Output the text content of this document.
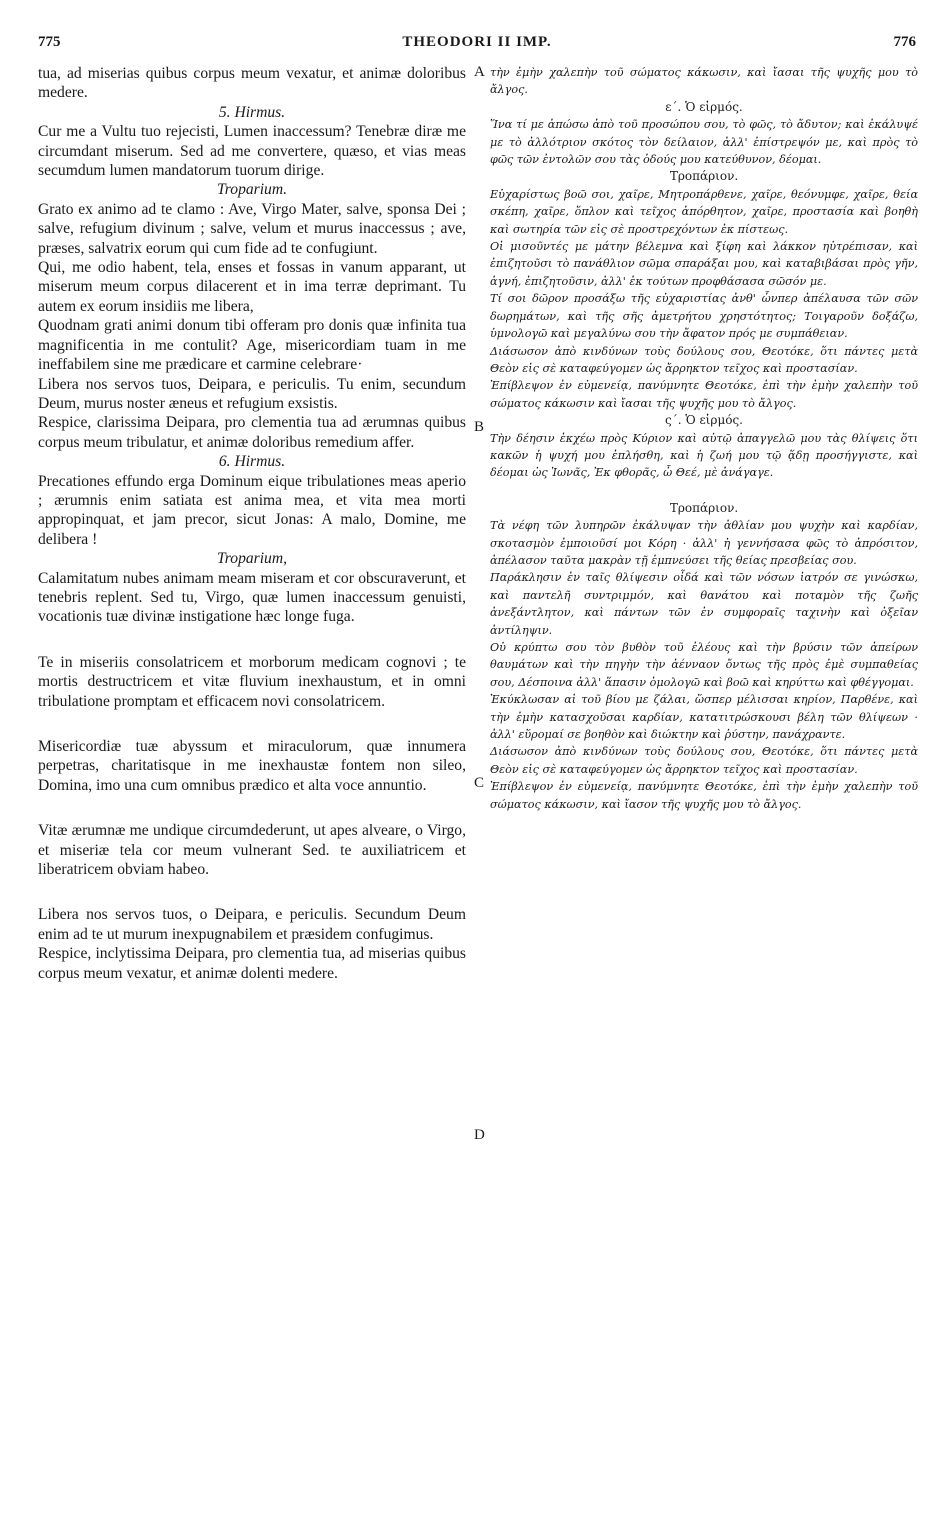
775	THEODORI II IMP.	776
tua, ad miserias quibus corpus meum vexatur, et animæ doloribus medere.
5. Hirmus.
Cur me a Vultu tuo rejecisti, Lumen inaccessum? Tenebræ diræ me circumdant miserum. Sed ad me convertere, quæso, et vias meas secumdum lumen mandatorum tuorum dirige.
Troparium.
Grato ex animo ad te clamo : Ave, Virgo Mater, salve, sponsa Dei ; salve, refugium divinum ; salve, velum et murus inaccessus ; ave, præses, salvatrix eorum qui cum fide ad te confugiunt.
Qui, me odio habent, tela, enses et fossas in vanum apparant, ut miserum meum corpus dilacerent et in ima terræ deprimant. Tu autem ex eorum insidiis me libera,
Quodnam grati animi donum tibi offeram pro donis quæ infinita tua magnificentia in me contulit? Age, misericordiam tuam in me ineffabilem sine me prædicare et carmine celebrare·
Libera nos servos tuos, Deipara, e periculis. Tu enim, secundum Deum, murus noster æneus et refugium exsistis.
Respice, clarissima Deipara, pro clementia tua ad ærumnas quibus corpus meum tribulatur, et animæ doloribus remedium affer.
6. Hirmus.
Precationes effundo erga Dominum eique tribulationes meas aperio ; ærumnis enim satiata est anima mea, et vita mea morti appropinquat, et jam precor, sicut Jonas: A malo, Domine, me delibera !
Troparium,
Calamitatum nubes animam meam miseram et cor obscuraverunt, et tenebris replent. Sed tu, Virgo, quæ lumen inaccessum genuisti, vocationis tuæ divinæ instigatione hæc longe fuga.
Te in miseriis consolatricem et morborum medicam cognovi ; te mortis destructricem et vitæ fluvium inexhaustum, et in omni tribulatione promptam et efficacem novi consolatricem.
Misericordiæ tuæ abyssum et miraculorum, quæ innumera perpetras, charitatisque in me inexhaustæ fontem non sileo, Domina, imo una cum omnibus prædico et alta voce annuntio.
Vitæ ærumnæ me undique circumdederunt, ut apes alveare, o Virgo, et miseriæ tela cor meum vulnerant Sed. te auxiliatricem et liberatricem obviam habeo.
Libera nos servos tuos, o Deipara, e periculis. Secundum Deum enim ad te ut murum inexpugnabilem et præsidem confugimus.
Respice, inclytissima Deipara, pro clementia tua, ad miserias quibus corpus meum vexatur, et animæ dolenti medere.
τὴν ἐμὴν χαλεπὴν τοῦ σώματος κάκωσιν, καὶ ἴασαι τῆς ψυχῆς μου τὸ ἄλγος.
ε΄. Ὁ εἱρμός.
Ἵνα τί με ἀπώσω ἀπὸ τοῦ προσώπου σου, τὸ φῶς, τὸ ἄδυτον; καὶ ἐκάλυψέ με τὸ ἀλλότριον σκότος τὸν δείλαιον, ἀλλ' ἐπίστρεψόν με, καὶ πρὸς τὸ φῶς τῶν ἐντολῶν σου τὰς ὁδούς μου κατεύθυνον, δέομαι.
Τροπάριον.
Εὐχαρίστως βοῶ σοι, χαῖρε, Μητροπάρθενε, χαῖρε, θεόνυμφε, χαῖρε, θεία σκέπη, χαῖρε, ὅπλον καὶ τεῖχος ἀπόρθητον, χαῖρε, προστασία καὶ βοηθὴ καὶ σωτηρία τῶν εἰς σὲ προστρεχόντων ἐκ πίστεως.
Οἱ μισοῦντές με μάτην βέλεμνα καὶ ξίφη καὶ λάκκον ηὐτρέπισαν, καὶ ἐπιζητοῦσι τὸ πανάθλιον σῶμα σπαράξαι μου, καὶ καταβιβάσαι πρὸς γῆν, ἁγνή, ἐπιζητοῦσιν, ἀλλ' ἐκ τούτων προφθάσασα σῶσόν με.
Τί σοι δῶρον προσάξω τῆς εὐχαριστίας ἀνθ' ὧνπερ ἀπέλαυσα τῶν σῶν δωρημάτων, καὶ τῆς σῆς ἀμετρήτου χρηστότητος; Τοιγαροῦν δοξάζω, ὑμνολογῶ καὶ μεγαλύνω σου τὴν ἄφατον πρός με συμπάθειαν.
Διάσωσον ἀπὸ κινδύνων τοὺς δούλους σου, Θεοτόκε, ὅτι πάντες μετὰ Θεὸν εἰς σὲ καταφεύγομεν ὡς ἄρρηκτον τεῖχος καὶ προστασίαν.
Ἐπίβλεψον ἐν εὐμενείᾳ, πανύμνητε Θεοτόκε, ἐπὶ τὴν ἐμὴν χαλεπὴν τοῦ σώματος κάκωσιν καὶ ἴασαι τῆς ψυχῆς μου τὸ ἄλγος.
ς΄. Ὁ εἱρμός.
Τὴν δέησιν ἐκχέω πρὸς Κύριον καὶ αὐτῷ ἀπαγγελῶ μου τὰς θλίψεις ὅτι κακῶν ἡ ψυχή μου ἐπλήσθη, καὶ ἡ ζωή μου τῷ ᾅδῃ προσήγγιστε, καὶ δέομαι ὡς Ἰωνᾶς, Ἐκ φθορᾶς, ὦ Θεέ, μὲ ἀνάγαγε.
Τροπάριον.
Τὰ νέφη τῶν λυπηρῶν ἐκάλυψαν τὴν ἀθλίαν μου ψυχὴν καὶ καρδίαν, σκοτασμὸν ἐμποιοῦσί μοι Κόρη · ἀλλ' ἡ γεννήσασα φῶς τὸ ἀπρόσιτον, ἀπέλασον ταῦτα μακρὰν τῇ ἐμπνεύσει τῆς θείας πρεσβείας σου.
Παράκλησιν ἐν ταῖς θλίψεσιν οἶδά καὶ τῶν νόσων ἰατρόν σε γινώσκω, καὶ παντελῆ συντριμμόν, καὶ θανάτου καὶ ποταμὸν τῆς ζωῆς ἀνεξάντλητον, καὶ πάντων τῶν ἐν συμφοραῖς ταχινὴν καὶ ὀξεῖαν ἀντίληψιν.
Οὐ κρύπτω σου τὸν βυθὸν τοῦ ἐλέους καὶ τὴν βρύσιν τῶν ἀπείρων θαυμάτων καὶ τὴν πηγὴν τὴν ἀένναον ὄντως τῆς πρὸς ἐμὲ συμπαθείας σου, Δέσποινα ἀλλ' ἅπασιν ὁμολογῶ καὶ βοῶ καὶ κηρύττω καὶ φθέγγομαι.
Ἐκύκλωσαν αἱ τοῦ βίου με ζάλαι, ὥσπερ μέλισσαι κηρίον, Παρθένε, καὶ τὴν ἐμὴν κατασχοῦσαι καρδίαν, κατατιτρώσκουσι βέλη τῶν θλίψεων · ἀλλ' εὕρομαί σε βοηθὸν καὶ διώκτην καὶ ῥύστην, πανάχραντε.
Διάσωσον ἀπὸ κινδύνων τοὺς δούλους σου, Θεοτόκε, ὅτι πάντες μετὰ Θεὸν εἰς σὲ καταφεύγομεν ὡς ἄρρηκτον τεῖχος καὶ προστασίαν.
Ἐπίβλεψον ἐν εὐμενείᾳ, πανύμνητε Θεοτόκε, ἐπὶ τὴν ἐμὴν χαλεπὴν τοῦ σώματος κάκωσιν, καὶ ἴασον τῆς ψυχῆς μου τὸ ἄλγος.
A
B
C
D
